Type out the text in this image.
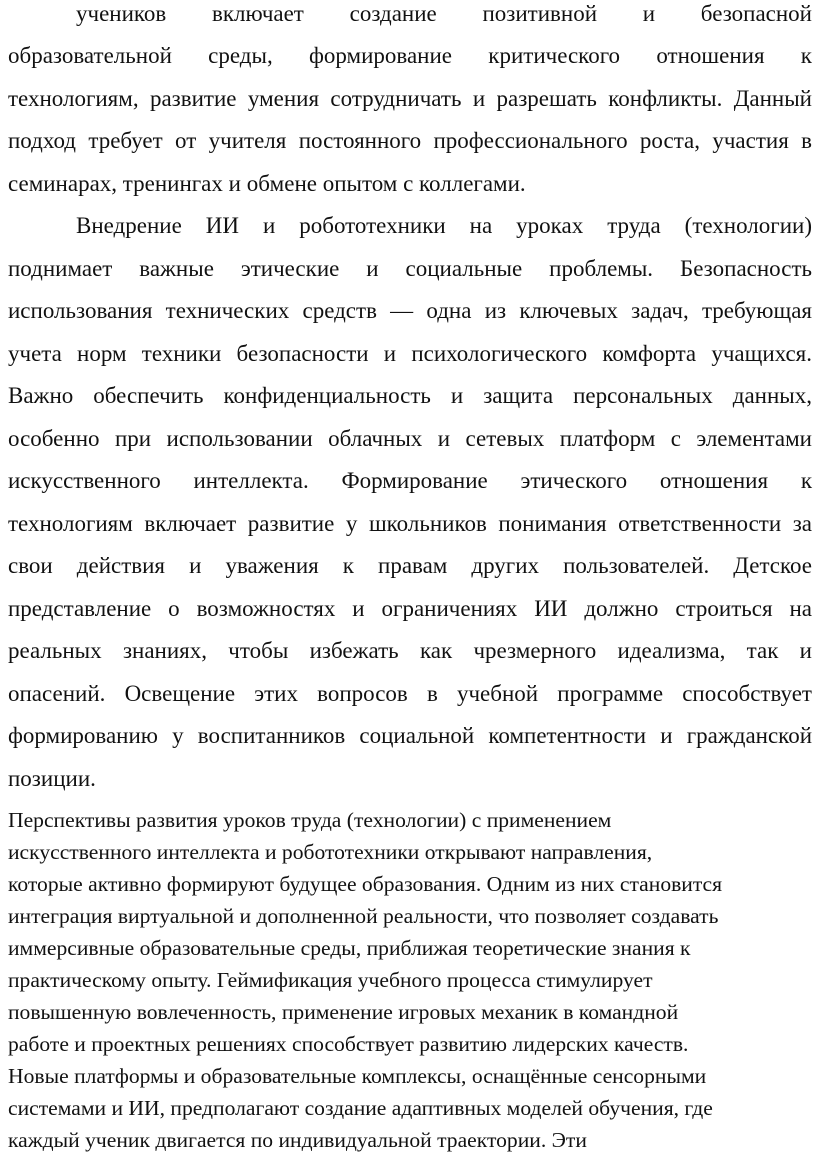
учеников включает создание позитивной и безопасной
образовательной среды, формирование критического отношения к
технологиям, развитие умения сотрудничать и разрешать конфликты. Данный
подход требует от учителя постоянного профессионального роста, участия в
семинарах, тренингах и обмене опытом с коллегами.
Внедрение ИИ и робототехники на уроках труда (технологии)
поднимает важные этические и социальные проблемы. Безопасность
использования технических средств — одна из ключевых задач, требующая
учета норм техники безопасности и психологического комфорта учащихся.
Важно обеспечить конфиденциальность и защита персональных данных,
особенно при использовании облачных и сетевых платформ с элементами
искусственного интеллекта. Формирование этического отношения к
технологиям включает развитие у школьников понимания ответственности за
свои действия и уважения к правам других пользователей. Детское
представление о возможностях и ограничениях ИИ должно строиться на
реальных знаниях, чтобы избежать как чрезмерного идеализма, так и
опасений. Освещение этих вопросов в учебной программе способствует
формированию у воспитанников социальной компетентности и гражданской
позиции.
Перспективы развития уроков труда (технологии) с применением
искусственного интеллекта и робототехники открывают направления,
которые активно формируют будущее образования. Одним из них становится
интеграция виртуальной и дополненной реальности, что позволяет создавать
иммерсивные образовательные среды, приближая теоретические знания к
практическому опыту. Геймификация учебного процесса стимулирует
повышенную вовлеченность, применение игровых механик в командной
работе и проектных решениях способствует развитию лидерских качеств.
Новые платформы и образовательные комплексы, оснащённые сенсорными
системами и ИИ, предполагают создание адаптивных моделей обучения, где
каждый ученик двигается по индивидуальной траектории. Эти
